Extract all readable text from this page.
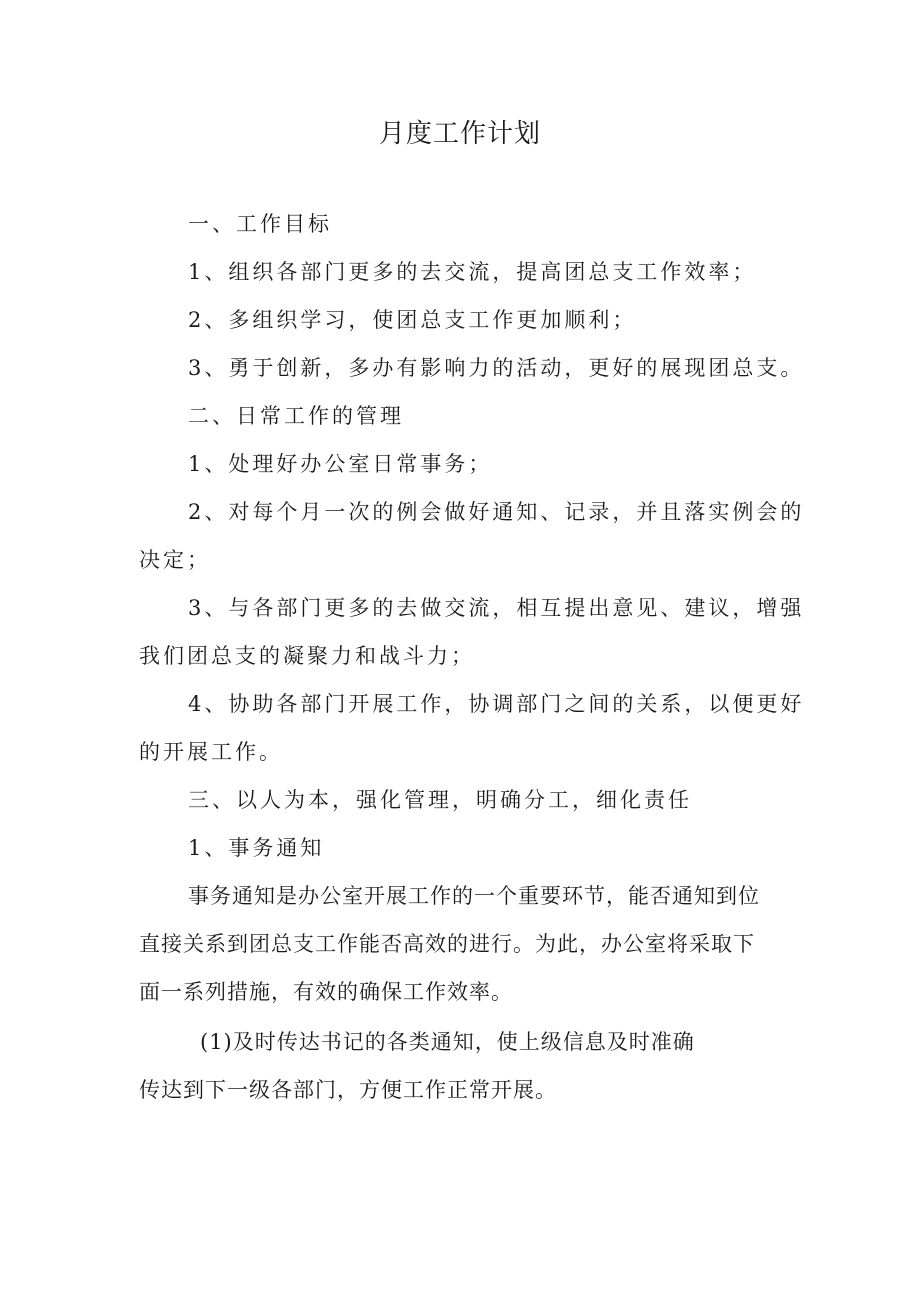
月度工作计划
一、工作目标
1、组织各部门更多的去交流，提高团总支工作效率；
2、多组织学习，使团总支工作更加顺利；
3、勇于创新，多办有影响力的活动，更好的展现团总支。
二、日常工作的管理
1、处理好办公室日常事务；
2、对每个月一次的例会做好通知、记录，并且落实例会的
决定；
3、与各部门更多的去做交流，相互提出意见、建议，增强
我们团总支的凝聚力和战斗力；
4、协助各部门开展工作，协调部门之间的关系，以便更好
的开展工作。
三、以人为本，强化管理，明确分工，细化责任
1、事务通知
事务通知是办公室开展工作的一个重要环节，能否通知到位
直接关系到团总支工作能否高效的进行。为此，办公室将采取下
面一系列措施，有效的确保工作效率。
(1)及时传达书记的各类通知，使上级信息及时准确
传达到下一级各部门，方便工作正常开展。
